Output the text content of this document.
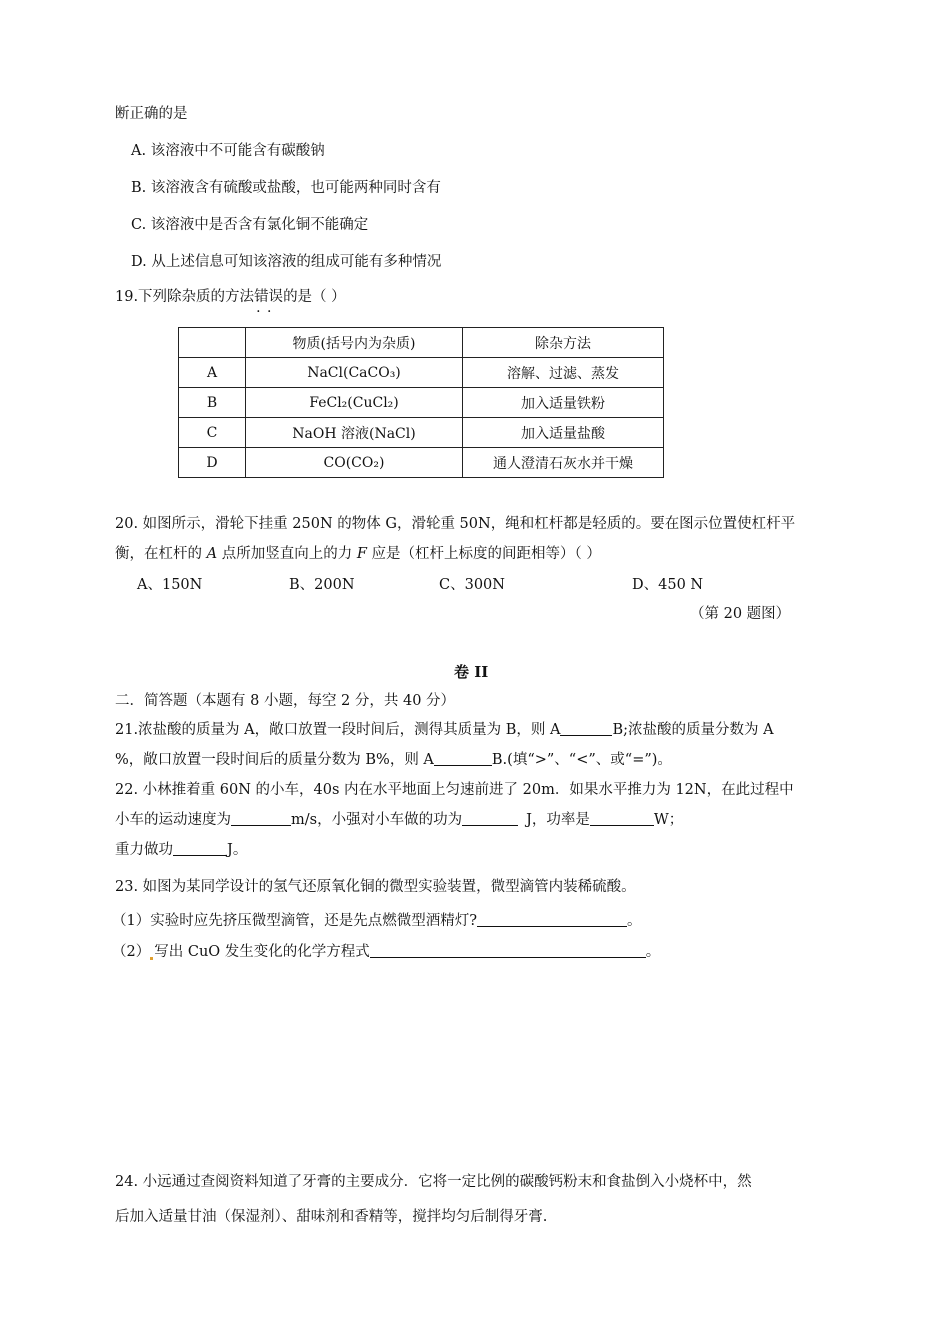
断正确的是
A. 该溶液中不可能含有碳酸钠
B. 该溶液含有硫酸或盐酸，也可能两种同时含有
C. 该溶液中是否含有氯化铜不能确定
D. 从上述信息可知该溶液的组成可能有多种情况
19.下列除杂质的方法错误 · ·的是（ ）
	物质(括号内为杂质)	除杂方法
A	NaCl(CaCO₃)	溶解、过滤、蒸发
B	FeCl₂(CuCl₂)	加入适量铁粉
C	NaOH 溶液(NaCl)	加入适量盐酸
D	CO(CO₂)	通人澄清石灰水并干燥
20. 如图所示，滑轮下挂重 250N 的物体 G，滑轮重 50N，绳和杠杆都是轻质的。要在图示位置使杠杆平
衡，在杠杆的 A 点所加竖直向上的力 F 应是（杠杆上标度的间距相等）（ ）
A、150N	B、200N	C、300N	D、450 N
（第 20 题图）
卷 II
二．简答题（本题有 8 小题，每空 2 分，共 40 分）
21.浓盐酸的质量为 A，敞口放置一段时间后，测得其质量为 B，则 A	B;浓盐酸的质量分数为 A
%，敞口放置一段时间后的质量分数为 B%，则 A	B.(填“>”、“<”、或“=”)。
22. 小林推着重 60N 的小车，40s 内在水平地面上匀速前进了 20m．如果水平推力为 12N，在此过程中
小车的运动速度为	m/s，小强对小车做的功为	J，功率是	W；
重力做功	J。
23. 如图为某同学设计的氢气还原氧化铜的微型实验装置，微型滴管内装稀硫酸。
（1）实验时应先挤压微型滴管，还是先点燃微型酒精灯?	。
（2） 写出 CuO 发生变化的化学方程式	。
24. 小远通过查阅资料知道了牙膏的主要成分．它将一定比例的碳酸钙粉末和食盐倒入小烧杯中，然
后加入适量甘油（保湿剂）、甜味剂和香精等，搅拌均匀后制得牙膏.
